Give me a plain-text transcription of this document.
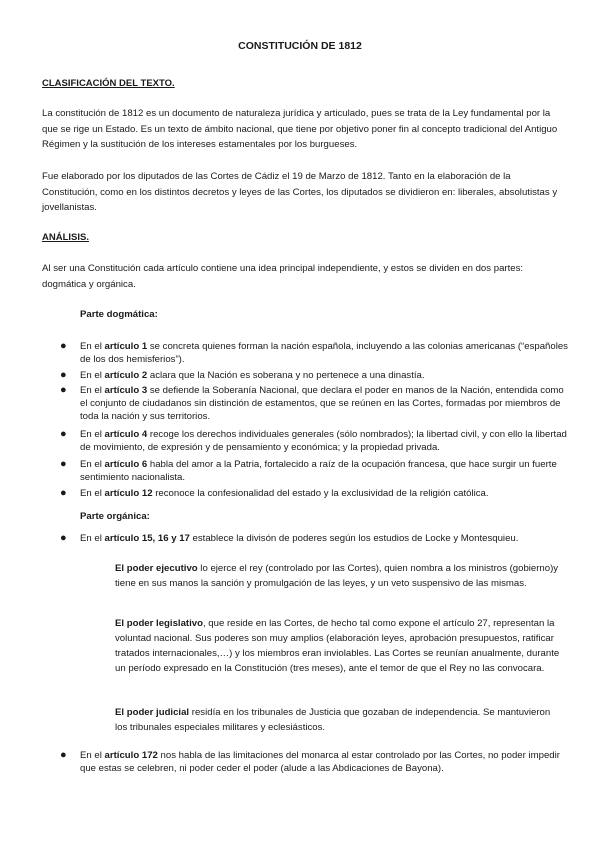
CONSTITUCIÓN DE 1812

CLASIFICACIÓN DEL TEXTO.

La constitución de 1812 es un documento de naturaleza jurídica y articulado, pues se trata de la Ley fundamental por la que se rige un Estado. Es un texto de ámbito nacional, que tiene por objetivo poner fin al concepto tradicional del Antiguo Régimen y la sustitución de los intereses estamentales por los burgueses.

Fue elaborado por los diputados de las Cortes de Cádiz el 19 de Marzo de 1812. Tanto en la elaboración de la Constitución, como en los distintos decretos y leyes de las Cortes, los diputados se dividieron en: liberales, absolutistas y jovellanistas.

ANÁLISIS.

Al ser una Constitución cada artículo contiene una idea principal independiente, y estos se dividen en dos partes: dogmática y orgánica.

Parte dogmática:

● En el artículo 1 se concreta quienes forman la nación española, incluyendo a las colonias americanas (“españoles de los dos hemisferios”).
● En el artículo 2 aclara que la Nación es soberana y no pertenece a una dinastía.
● En el artículo 3 se defiende la Soberanía Nacional, que declara el poder en manos de la Nación, entendida como el conjunto de ciudadanos sin distinción de estamentos, que se reúnen en las Cortes, formadas por miembros de toda la nación y sus territorios.
● En el artículo 4 recoge los derechos individuales generales (sólo nombrados); la libertad civil, y con ello la libertad de movimiento, de expresión y de pensamiento y económica; y la propiedad privada.
● En el artículo 6 habla del amor a la Patria, fortalecido a raíz de la ocupación francesa, que hace surgir un fuerte sentimiento nacionalista.
● En el artículo 12 reconoce la confesionalidad del estado y la exclusividad de la religión católica.

Parte orgánica:

● En el artículo 15, 16 y 17 establece la divisón de poderes según los estudios de Locke y Montesquieu.

El poder ejecutivo lo ejerce el rey (controlado por las Cortes), quien nombra a los ministros (gobierno)y tiene en sus manos la sanción y promulgación de las leyes, y un veto suspensivo de las mismas.

El poder legislativo, que reside en las Cortes, de hecho tal como expone el artículo 27, representan la voluntad nacional. Sus poderes son muy amplios (elaboración leyes, aprobación presupuestos, ratificar tratados internacionales,…) y los miembros eran inviolables. Las Cortes se reunían anualmente, durante un período expresado en la Constitución (tres meses), ante el temor de que el Rey no las convocara.

El poder judicial residía en los tribunales de Justicia que gozaban de independencia. Se mantuvieron los tribunales especiales militares y eclesiásticos.

● En el artículo 172 nos habla de las limitaciones del monarca al estar controlado por las Cortes, no poder impedir que estas se celebren, ni poder ceder el poder (alude a las Abdicaciones de Bayona).
